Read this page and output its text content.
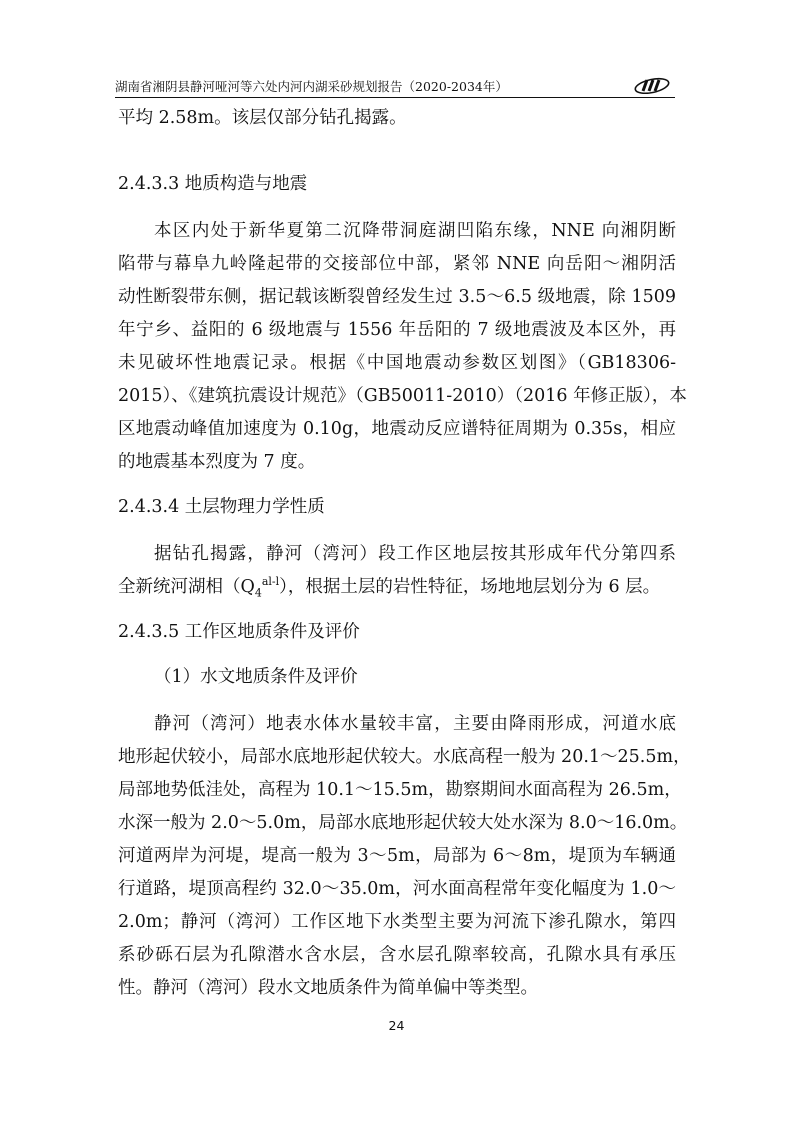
湖南省湘阴县静河哑河等六处内河内湖采砂规划报告（2020-2034年）
平均 2.58m。该层仅部分钻孔揭露。
2.4.3.3 地质构造与地震
本区内处于新华夏第二沉降带洞庭湖凹陷东缘，NNE 向湘阴断
陷带与幕阜九岭隆起带的交接部位中部，紧邻 NNE 向岳阳～湘阴活
动性断裂带东侧，据记载该断裂曾经发生过 3.5～6.5 级地震，除 1509
年宁乡、益阳的 6 级地震与 1556 年岳阳的 7 级地震波及本区外，再
未见破坏性地震记录。根据《中国地震动参数区划图》（GB18306-
2015）、《建筑抗震设计规范》（GB50011-2010）（2016 年修正版），本
区地震动峰值加速度为 0.10g，地震动反应谱特征周期为 0.35s，相应
的地震基本烈度为 7 度。
2.4.3.4 土层物理力学性质
据钻孔揭露，静河（湾河）段工作区地层按其形成年代分第四系
全新统河湖相$(Q_4^{al-l})$，根据土层的岩性特征，场地地层划分为 6 层。
2.4.3.5 工作区地质条件及评价
（1）水文地质条件及评价
静河（湾河）地表水体水量较丰富，主要由降雨形成，河道水底
地形起伏较小，局部水底地形起伏较大。水底高程一般为 20.1～25.5m，
局部地势低洼处，高程为 10.1～15.5m，勘察期间水面高程为 26.5m，
水深一般为 2.0～5.0m，局部水底地形起伏较大处水深为 8.0～16.0m。
河道两岸为河堤，堤高一般为 3～5m，局部为 6～8m，堤顶为车辆通
行道路，堤顶高程约 32.0～35.0m，河水面高程常年变化幅度为 1.0～
2.0m；静河（湾河）工作区地下水类型主要为河流下渗孔隙水，第四
系砂砾石层为孔隙潜水含水层，含水层孔隙率较高，孔隙水具有承压
性。静河（湾河）段水文地质条件为简单偏中等类型。
24
